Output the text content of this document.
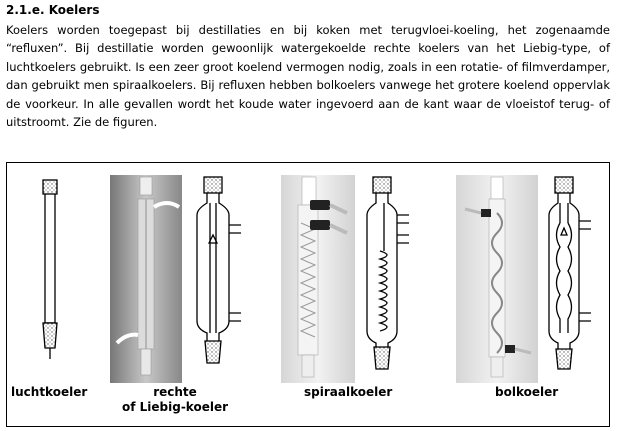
2.1.e. Koelers

Koelers worden toegepast bij destillaties en bij koken met terugvloei-koeling, het zogenaamde “refluxen”. Bij destillatie worden gewoonlijk watergekoelde rechte koelers van het Liebig-type, of luchtkoelers gebruikt. Is een zeer groot koelend vermogen nodig, zoals in een rotatie- of filmverdamper, dan gebruikt men spiraalkoelers. Bij refluxen hebben bolkoelers vanwege het grotere koelend oppervlak de voorkeur. In alle gevallen wordt het koude water ingevoerd aan de kant waar de vloeistof terug- of uitstroomt. Zie de figuren.

luchtkoeler	rechte
of Liebig-koeler
spiraalkoeler	bolkoeler
